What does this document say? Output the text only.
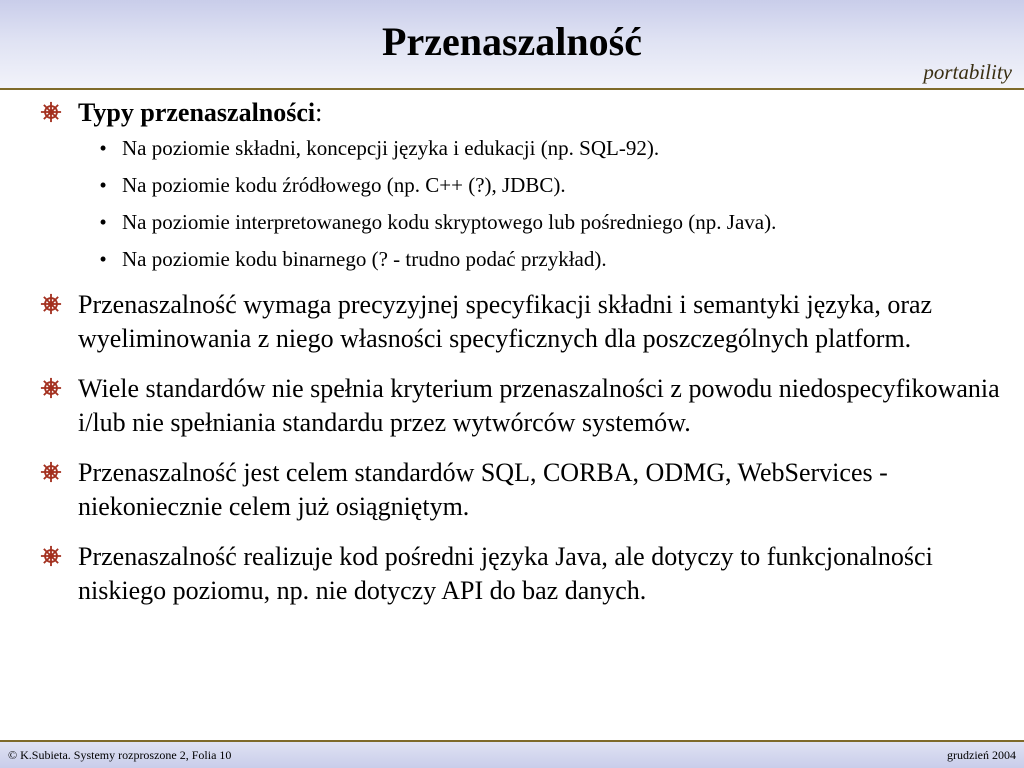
Przenaszalność
portability
Typy przenaszalności:
• Na poziomie składni, koncepcji języka i edukacji (np. SQL-92).
• Na poziomie kodu źródłowego (np. C++ (?), JDBC).
• Na poziomie interpretowanego kodu skryptowego lub pośredniego (np. Java).
• Na poziomie kodu binarnego (? - trudno podać przykład).
Przenaszalność wymaga precyzyjnej specyfikacji składni i semantyki języka, oraz wyeliminowania z niego własności specyficznych dla poszczególnych platform.
Wiele standardów nie spełnia kryterium przenaszalności z powodu niedospecyfikowania i/lub nie spełniania standardu przez wytwórców systemów.
Przenaszalność jest celem standardów SQL, CORBA, ODMG, WebServices - niekoniecznie celem już osiągniętym.
Przenaszalność realizuje kod pośredni języka Java, ale dotyczy to funkcjonalności niskiego poziomu, np. nie dotyczy API do baz danych.
© K.Subieta. Systemy rozproszone 2, Folia 10	grudzień 2004
